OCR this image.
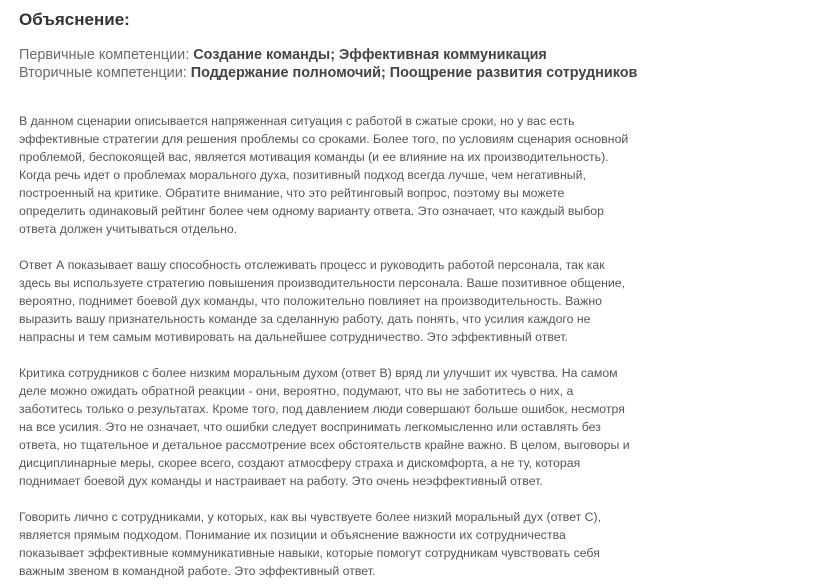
Объяснение:
Первичные компетенции: Создание команды; Эффективная коммуникация
Вторичные компетенции: Поддержание полномочий; Поощрение развития сотрудников
В данном сценарии описывается напряженная ситуация с работой в сжатые сроки, но у вас есть
эффективные стратегии для решения проблемы со сроками. Более того, по условиям сценария основной
проблемой, беспокоящей вас, является мотивация команды (и ее влияние на их производительность).
Когда речь идет о проблемах морального духа, позитивный подход всегда лучше, чем негативный,
построенный на критике. Обратите внимание, что это рейтинговый вопрос, поэтому вы можете
определить одинаковый рейтинг более чем одному варианту ответа. Это означает, что каждый выбор
ответа должен учитываться отдельно.
Ответ А показывает вашу способность отслеживать процесс и руководить работой персонала, так как
здесь вы используете стратегию повышения производительности персонала. Ваше позитивное общение,
вероятно, поднимет боевой дух команды, что положительно повлияет на производительность. Важно
выразить вашу признательность команде за сделанную работу, дать понять, что усилия каждого не
напрасны и тем самым мотивировать на дальнейшее сотрудничество. Это эффективный ответ.
Критика сотрудников с более низким моральным духом (ответ В) вряд ли улучшит их чувства. На самом
деле можно ожидать обратной реакции - они, вероятно, подумают, что вы не заботитесь о них, а
заботитесь только о результатах. Кроме того, под давлением люди совершают больше ошибок, несмотря
на все усилия. Это не означает, что ошибки следует воспринимать легкомысленно или оставлять без
ответа, но тщательное и детальное рассмотрение всех обстоятельств крайне важно. В целом, выговоры и
дисциплинарные меры, скорее всего, создают атмосферу страха и дискомфорта, а не ту, которая
поднимает боевой дух команды и настраивает на работу. Это очень неэффективный ответ.
Говорить лично с сотрудниками, у которых, как вы чувствуете более низкий моральный дух (ответ С),
является прямым подходом. Понимание их позиции и объяснение важности их сотрудничества
показывает эффективные коммуникативные навыки, которые помогут сотрудникам чувствовать себя
важным звеном в командной работе. Это эффективный ответ.
